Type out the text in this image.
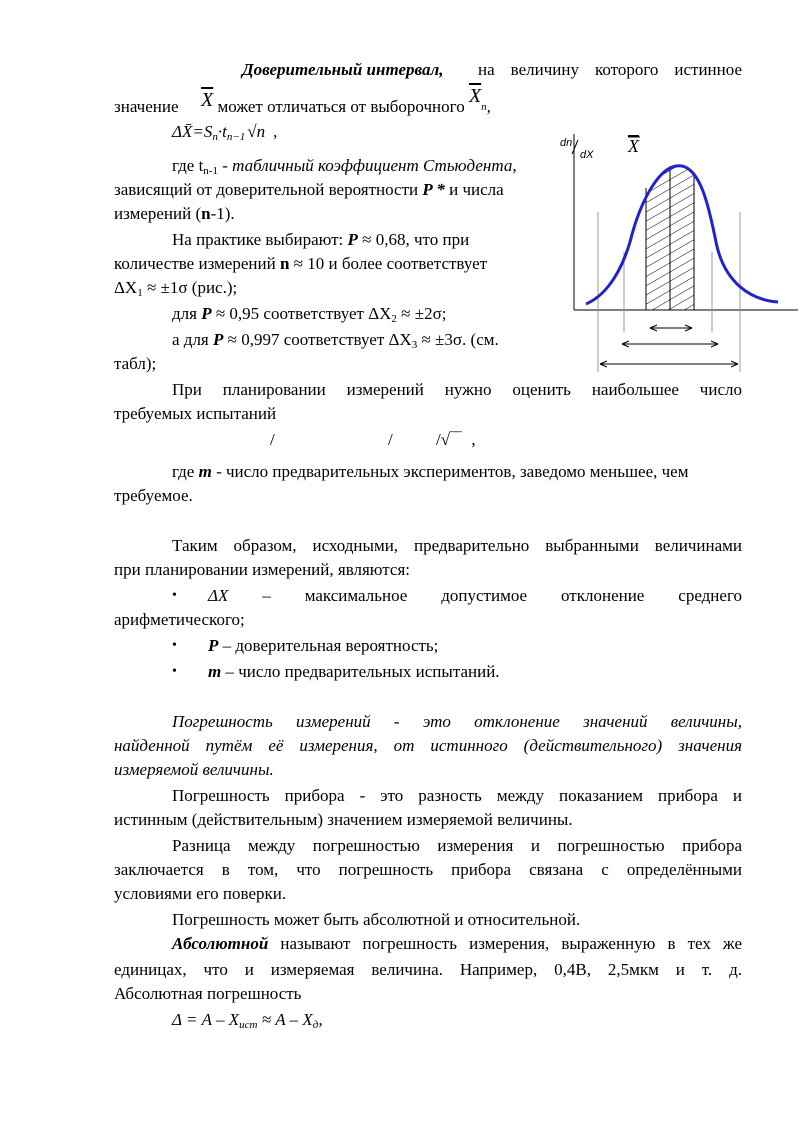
Доверительный интервал, на величину которого истинное
значение $\overline{X}$ может отличаться от выборочного $\overline{X}n$,
$\Delta X̄=S_n\cdot t_{n-1}$ √n ,
где $t_{n-1}$ - табличный коэффициент Стьюдента,
зависящий от доверительной вероятности P * и числа
измерений (n-1).
На практике выбирают: P ≈ 0,68, что при
количестве измерений n ≈ 10 и более соответствует
$\Delta X_1 \approx \pm 1\sigma$ (рис.);
для P ≈ 0,95 соответствует $\Delta X_2 \approx \pm 2\sigma$;
а для P ≈ 0,997 соответствует $\Delta X_3 \approx \pm 3\sigma$. (см.
табл);
При планировании измерений нужно оценить наибольшее число
требуемых испытаний
/	/	/√‾‾ ,
где m - число предварительных экспериментов, заведомо меньшее, чем
требуемое.
Таким образом, исходными, предварительно выбранными величинами
при планировании измерений, являются:
• ΔX – максимальное допустимое отклонение среднего
арифметического;
• P – доверительная вероятность;
• m – число предварительных испытаний.
Погрешность измерений - это отклонение значений величины,
найденной путём её измерения, от истинного (действительного) значения
измеряемой величины.
Погрешность прибора - это разность между показанием прибора и
истинным (действительным) значением измеряемой величины.
Разница между погрешностью измерения и погрешностью прибора
заключается в том, что погрешность прибора связана с определёнными
условиями его поверки.
Погрешность может быть абсолютной и относительной.
Абсолютной называют погрешность измерения, выраженную в тех же
единицах, что и измеряемая величина. Например, 0,4В, 2,5мкм и т. д.
Абсолютная погрешность
$\Delta = A - X_{ист} \approx A - X_д$,
dn
dX X
